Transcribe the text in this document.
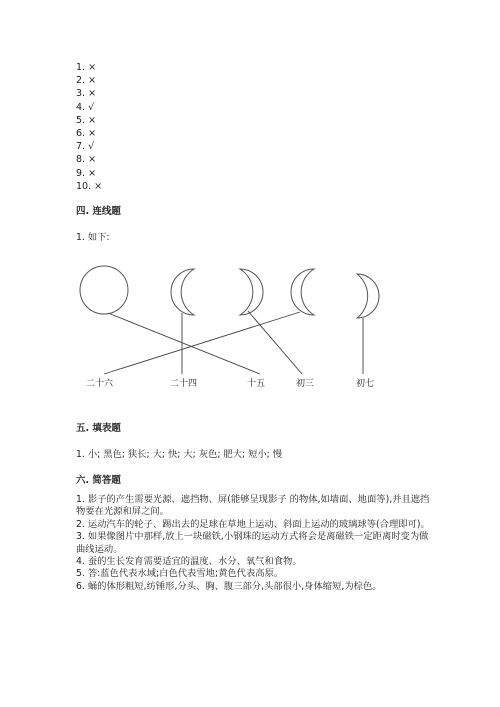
1. ×
2. ×
3. ×
4. √
5. ×
6. ×
7. √
8. ×
9. ×
10. ×
四. 连线题
1. 如下:
二十六	二十四	十五	初三	初七
五. 填表题
1. 小; 黑色; 狭长; 大; 快; 大; 灰色; 肥大; 短小; 慢
六. 简答题

1. 影子的产生需要光源、遮挡物、屏(能够呈现影子 的物体,如墙面、地面等),并且遮挡物要在光源和屏之间。

2. 运动汽车的轮子、踢出去的足球在草地上运动、斜面上运动的玻璃球等(合理即可)。

3. 如果像图片中那样,放上一块磁铁,小钢珠的运动方式将会是离磁铁一定距离时变为做曲线运动。

4. 蚕的生长发育需要适宜的温度、水分、氧气和食物。

5. 答:蓝色代表水域;白色代表雪地;黄色代表高原。

6. 蛹的体形粗短,纺锤形,分头、胸、腹三部分,头部很小,身体缩短,为棕色。
